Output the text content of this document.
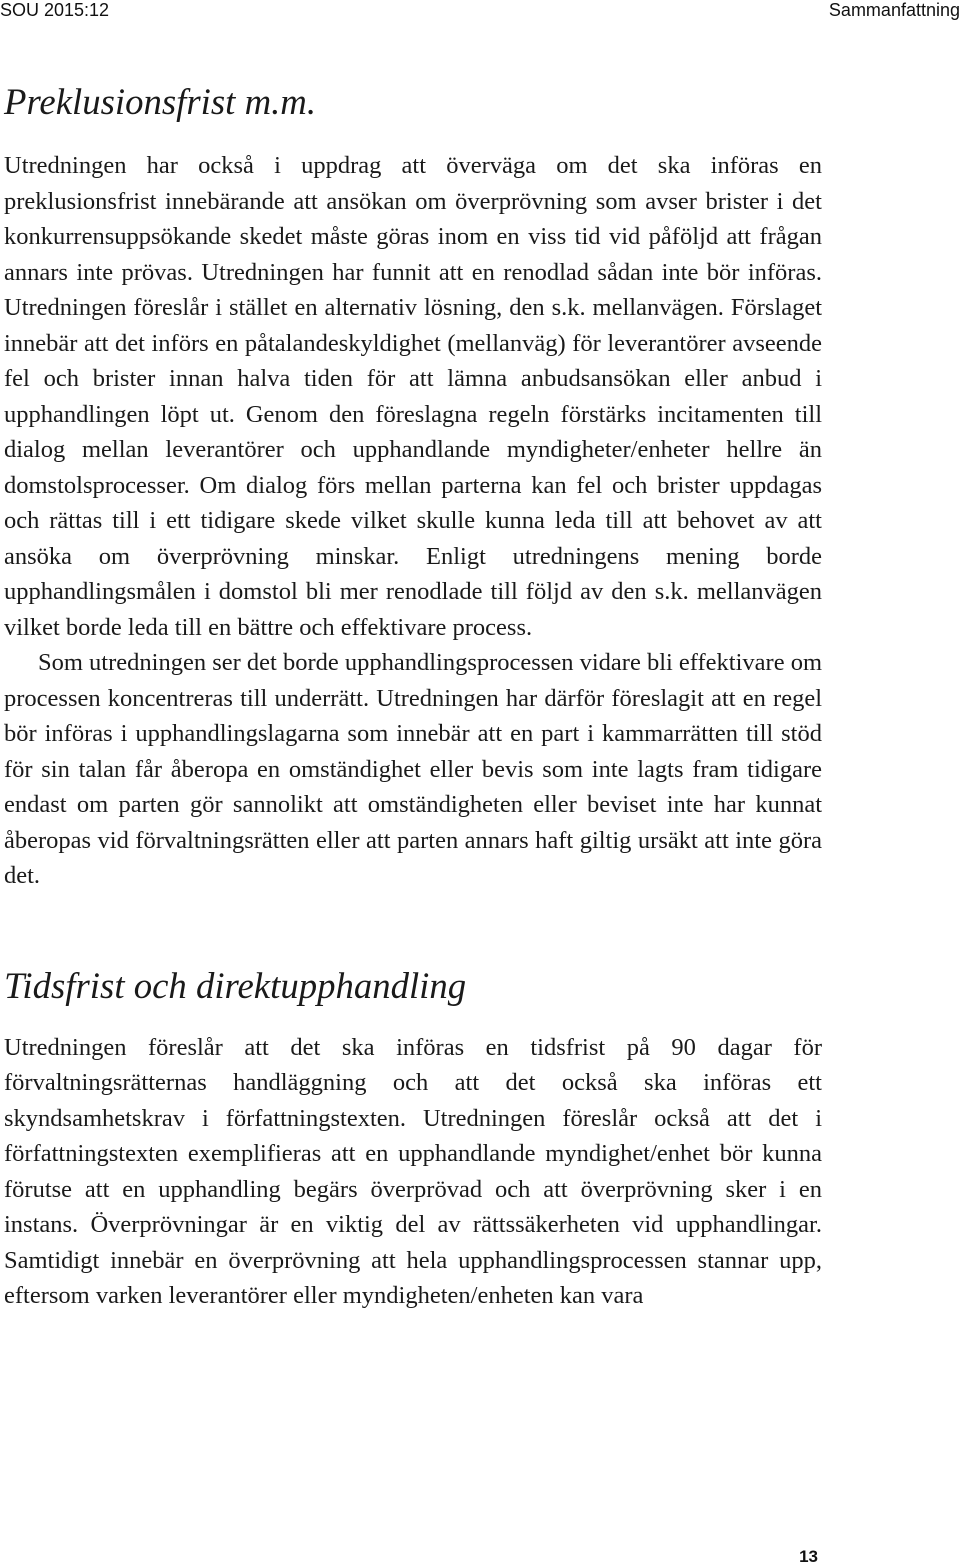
SOU 2015:12	Sammanfattning
Preklusionsfrist m.m.

Utredningen har också i uppdrag att överväga om det ska införas en preklusionsfrist innebärande att ansökan om överprövning som avser brister i det konkurrensuppsökande skedet måste göras inom en viss tid vid påföljd att frågan annars inte prövas. Utredningen har funnit att en renodlad sådan inte bör införas. Utredningen föreslår i stället en alternativ lösning, den s.k. mellanvägen. Förslaget innebär att det införs en påtalandeskyldighet (mellanväg) för leverantörer avseende fel och brister innan halva tiden för att lämna anbudsansökan eller anbud i upphandlingen löpt ut. Genom den föreslagna regeln förstärks incitamenten till dialog mellan leverantörer och upphandlande myndigheter/enheter hellre än domstolsprocesser. Om dialog förs mellan parterna kan fel och brister uppdagas och rättas till i ett tidigare skede vilket skulle kunna leda till att behovet av att ansöka om överprövning minskar. Enligt utredningens mening borde upphandlingsmålen i domstol bli mer renodlade till följd av den s.k. mellanvägen vilket borde leda till en bättre och effektivare process.

Som utredningen ser det borde upphandlingsprocessen vidare bli effektivare om processen koncentreras till underrätt. Utredningen har därför föreslagit att en regel bör införas i upphandlingslagarna som innebär att en part i kammarrätten till stöd för sin talan får åberopa en omständighet eller bevis som inte lagts fram tidigare endast om parten gör sannolikt att omständigheten eller beviset inte har kunnat åberopas vid förvaltningsrätten eller att parten annars haft giltig ursäkt att inte göra det.

Tidsfrist och direktupphandling

Utredningen föreslår att det ska införas en tidsfrist på 90 dagar för förvaltningsrätternas handläggning och att det också ska införas ett skyndsamhetskrav i författningstexten. Utredningen föreslår också att det i författningstexten exemplifieras att en upphandlande myndighet/enhet bör kunna förutse att en upphandling begärs överprövad och att överprövning sker i en instans. Överprövningar är en viktig del av rättssäkerheten vid upphandlingar. Samtidigt innebär en överprövning att hela upphandlingsprocessen stannar upp, eftersom varken leverantörer eller myndigheten/enheten kan vara

13
